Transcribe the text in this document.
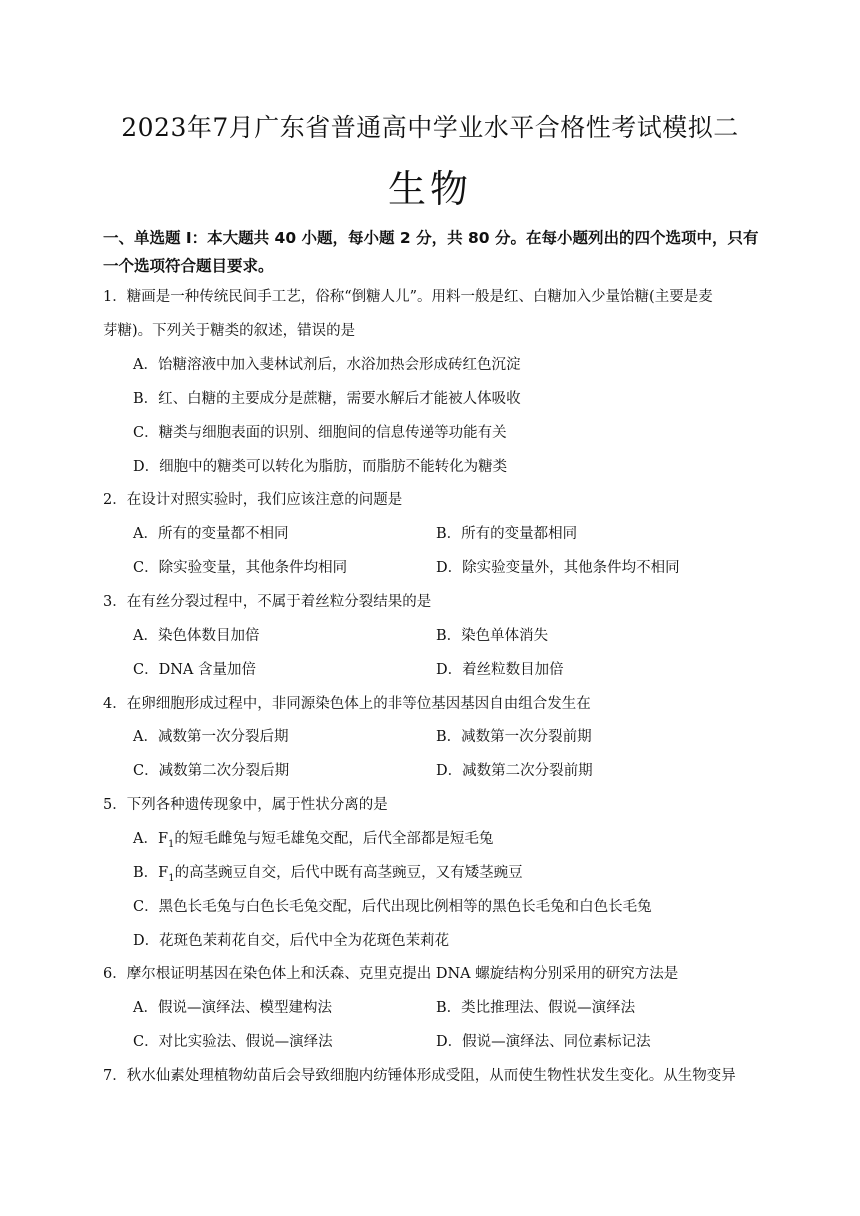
2023年7月广东省普通高中学业水平合格性考试模拟二
生物
一、单选题 I：本大题共 40 小题，每小题 2 分，共 80 分。在每小题列出的四个选项中，只有一个选项符合题目要求。
1．糖画是一种传统民间手工艺，俗称“倒糖人儿”。用料一般是红、白糖加入少量饴糖(主要是麦
芽糖)。下列关于糖类的叙述，错误的是
A．饴糖溶液中加入斐林试剂后，水浴加热会形成砖红色沉淀
B．红、白糖的主要成分是蔗糖，需要水解后才能被人体吸收
C．糖类与细胞表面的识别、细胞间的信息传递等功能有关
D．细胞中的糖类可以转化为脂肪，而脂肪不能转化为糖类
2．在设计对照实验时，我们应该注意的问题是
A．所有的变量都不相同	B．所有的变量都相同
C．除实验变量，其他条件均相同	D．除实验变量外，其他条件均不相同
3．在有丝分裂过程中，不属于着丝粒分裂结果的是
A．染色体数目加倍	B．染色单体消失
C．DNA 含量加倍	D．着丝粒数目加倍
4．在卵细胞形成过程中，非同源染色体上的非等位基因基因自由组合发生在
A．减数第一次分裂后期	B．减数第一次分裂前期
C．减数第二次分裂后期	D．减数第二次分裂前期
5．下列各种遗传现象中，属于性状分离的是
A．$F_1$的短毛雌兔与短毛雄兔交配，后代全部都是短毛兔
B．$F_1$的高茎豌豆自交，后代中既有高茎豌豆，又有矮茎豌豆
C．黑色长毛兔与白色长毛兔交配，后代出现比例相等的黑色长毛兔和白色长毛兔
D．花斑色茉莉花自交，后代中全为花斑色茉莉花
6．摩尔根证明基因在染色体上和沃森、克里克提出 DNA 螺旋结构分别采用的研究方法是
A．假说—演绎法、模型建构法	B．类比推理法、假说—演绎法
C．对比实验法、假说—演绎法	D．假说—演绎法、同位素标记法
7．秋水仙素处理植物幼苗后会导致细胞内纺锤体形成受阻，从而使生物性状发生变化。从生物变异
